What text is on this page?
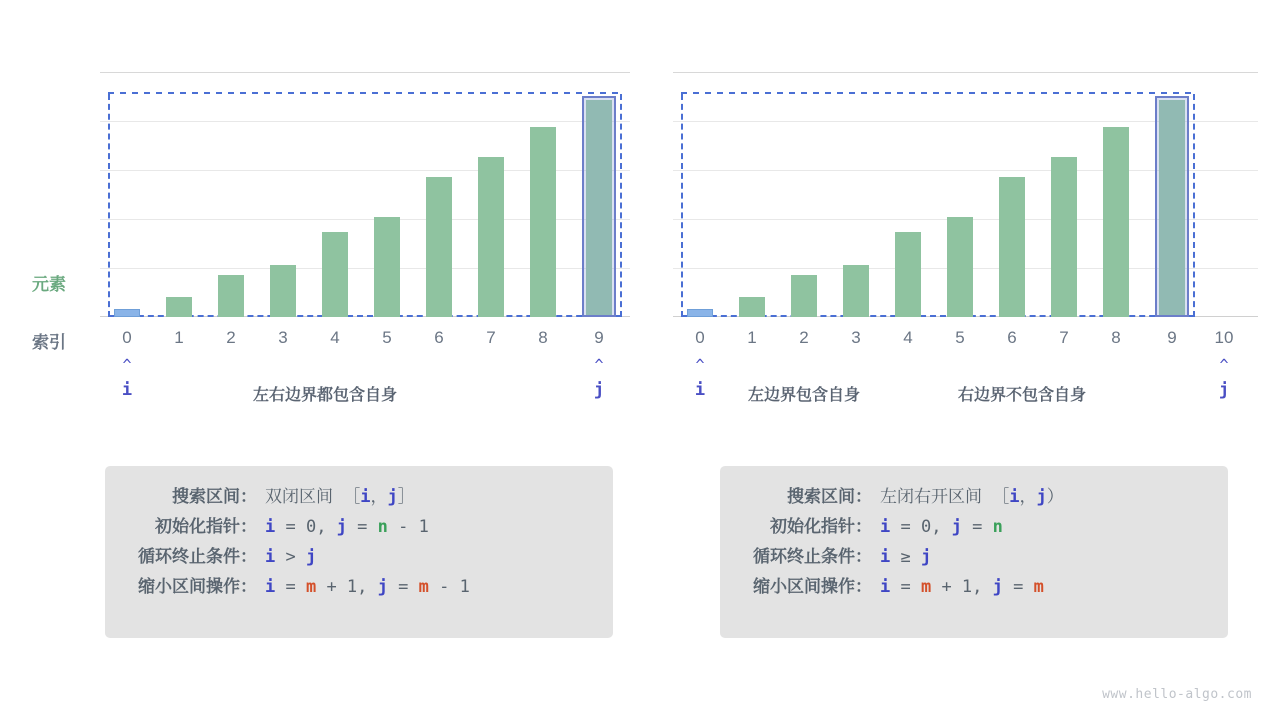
元素
索引	0	1	2	3	4	5	6	7	8	9
^
i
^
j
左右边界都包含自身
搜索区间： 双闭区间 ［i，j］
初始化指针： i = 0, j = n - 1
循环终止条件： i > j
缩小区间操作： i = m + 1, j = m - 1
0	1	2	3	4	5	6	7	8	9	10
^
i
^
j
左边界包含自身	右边界不包含自身
搜索区间： 左闭右开区间 ［i，j）
初始化指针： i = 0, j = n
循环终止条件： i ≥ j
缩小区间操作： i = m + 1, j = m
www.hello-algo.com
